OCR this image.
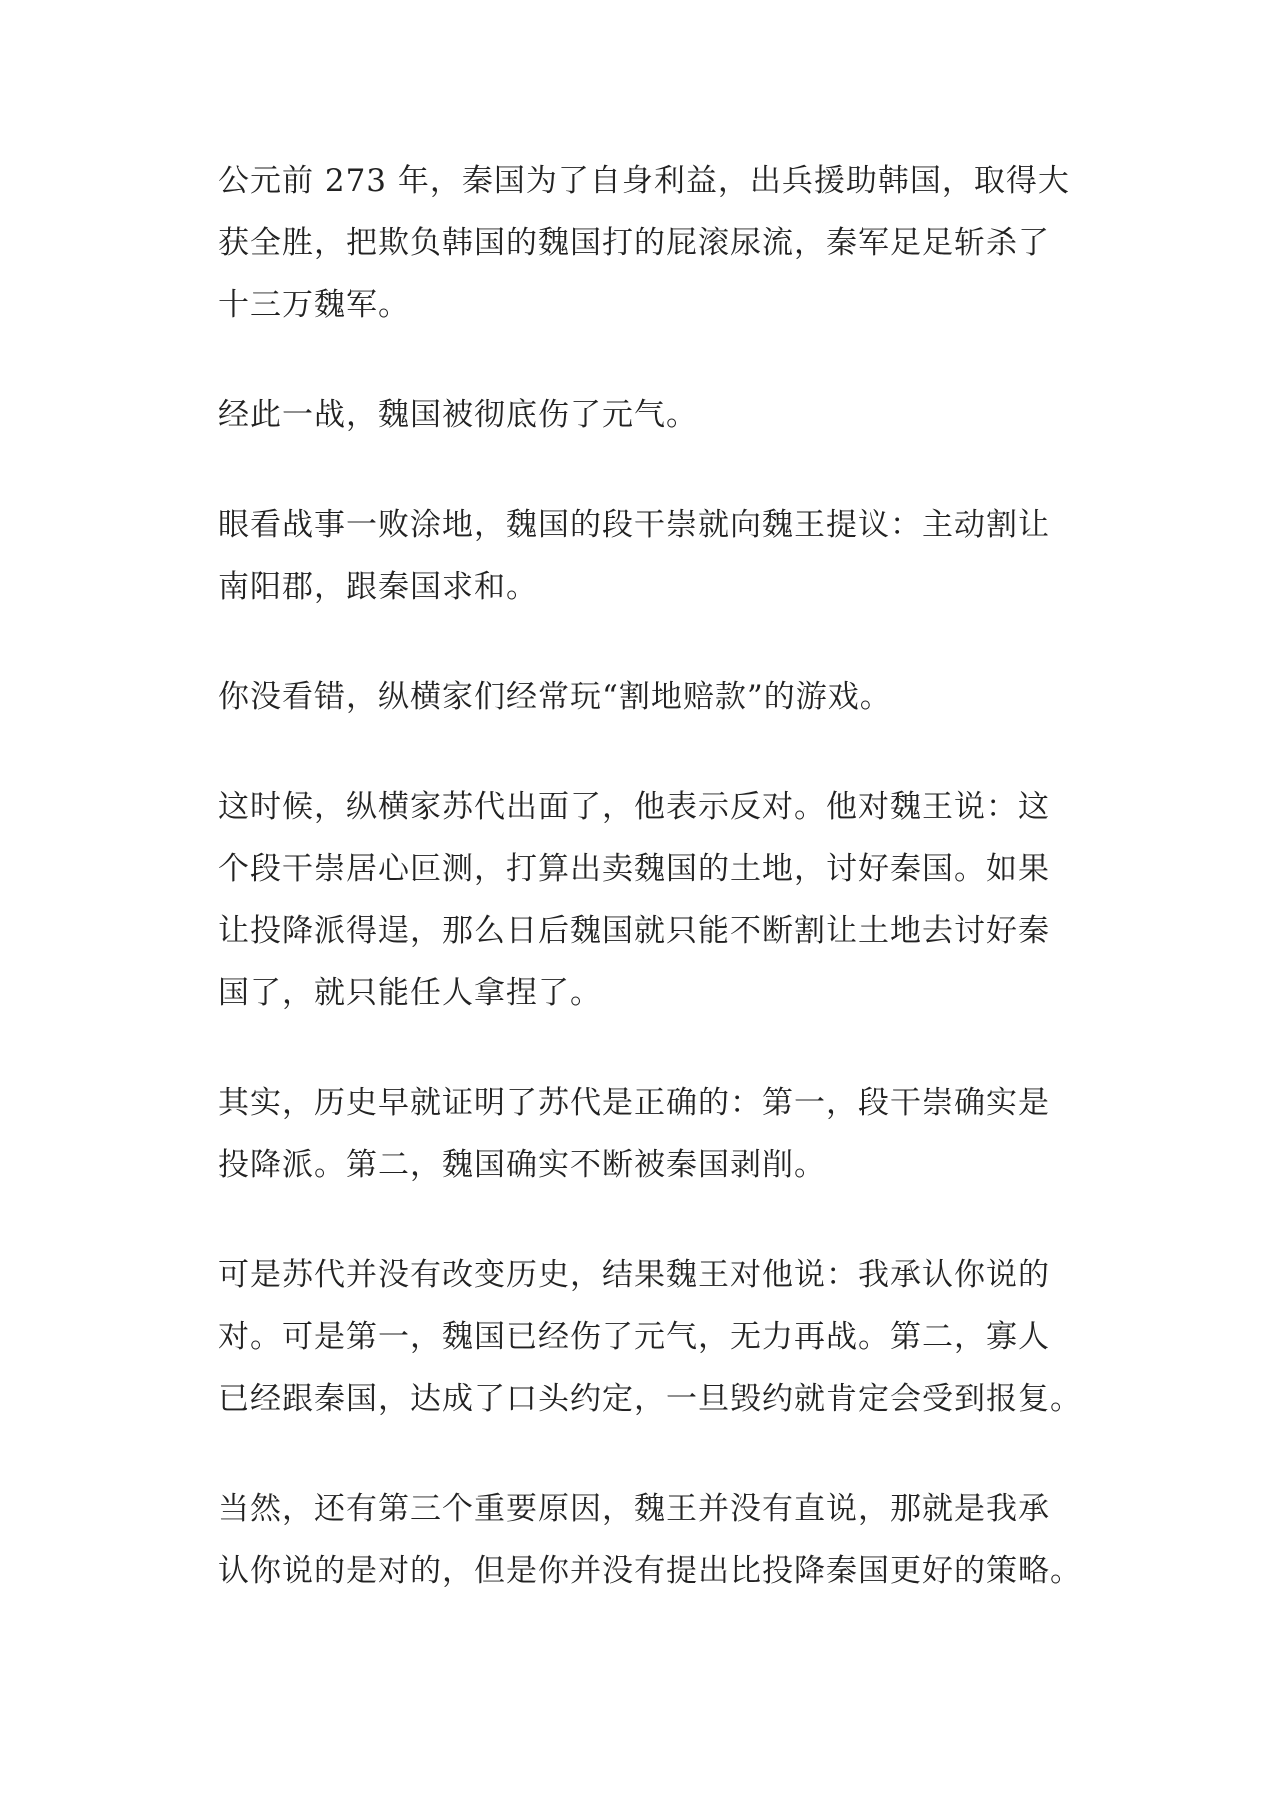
公元前 273 年，秦国为了自身利益，出兵援助韩国，取得大
获全胜，把欺负韩国的魏国打的屁滚尿流，秦军足足斩杀了
十三万魏军。

经此一战，魏国被彻底伤了元气。

眼看战事一败涂地，魏国的段干崇就向魏王提议：主动割让
南阳郡，跟秦国求和。

你没看错，纵横家们经常玩“割地赔款”的游戏。

这时候，纵横家苏代出面了，他表示反对。他对魏王说：这
个段干崇居心叵测，打算出卖魏国的土地，讨好秦国。如果
让投降派得逞，那么日后魏国就只能不断割让土地去讨好秦
国了，就只能任人拿捏了。

其实，历史早就证明了苏代是正确的：第一，段干崇确实是
投降派。第二，魏国确实不断被秦国剥削。

可是苏代并没有改变历史，结果魏王对他说：我承认你说的
对。可是第一，魏国已经伤了元气，无力再战。第二，寡人
已经跟秦国，达成了口头约定，一旦毁约就肯定会受到报复。

当然，还有第三个重要原因，魏王并没有直说，那就是我承
认你说的是对的，但是你并没有提出比投降秦国更好的策略。
